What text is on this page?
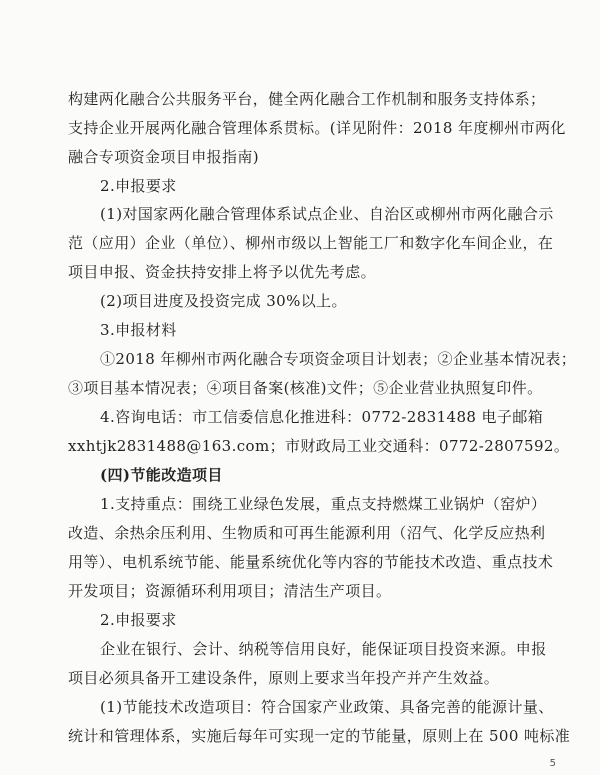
构建两化融合公共服务平台，健全两化融合工作机制和服务支持体系；
支持企业开展两化融合管理体系贯标。(详见附件：2018 年度柳州市两化
融合专项资金项目申报指南)
2.申报要求
(1)对国家两化融合管理体系试点企业、自治区或柳州市两化融合示
范（应用）企业（单位）、柳州市级以上智能工厂和数字化车间企业，在
项目申报、资金扶持安排上将予以优先考虑。
(2)项目进度及投资完成 30%以上。
3.申报材料
①2018 年柳州市两化融合专项资金项目计划表；②企业基本情况表；
③项目基本情况表；④项目备案(核准)文件；⑤企业营业执照复印件。
4.咨询电话：市工信委信息化推进科：0772-2831488 电子邮箱
xxhtjk2831488@163.com；市财政局工业交通科：0772-2807592。
(四)节能改造项目
1.支持重点：围绕工业绿色发展，重点支持燃煤工业锅炉（窑炉）
改造、余热余压利用、生物质和可再生能源利用（沼气、化学反应热利
用等）、电机系统节能、能量系统优化等内容的节能技术改造、重点技术
开发项目；资源循环利用项目；清洁生产项目。
2.申报要求
企业在银行、会计、纳税等信用良好，能保证项目投资来源。申报
项目必须具备开工建设条件，原则上要求当年投产并产生效益。
(1)节能技术改造项目：符合国家产业政策、具备完善的能源计量、
统计和管理体系，实施后每年可实现一定的节能量，原则上在 500 吨标准
5
